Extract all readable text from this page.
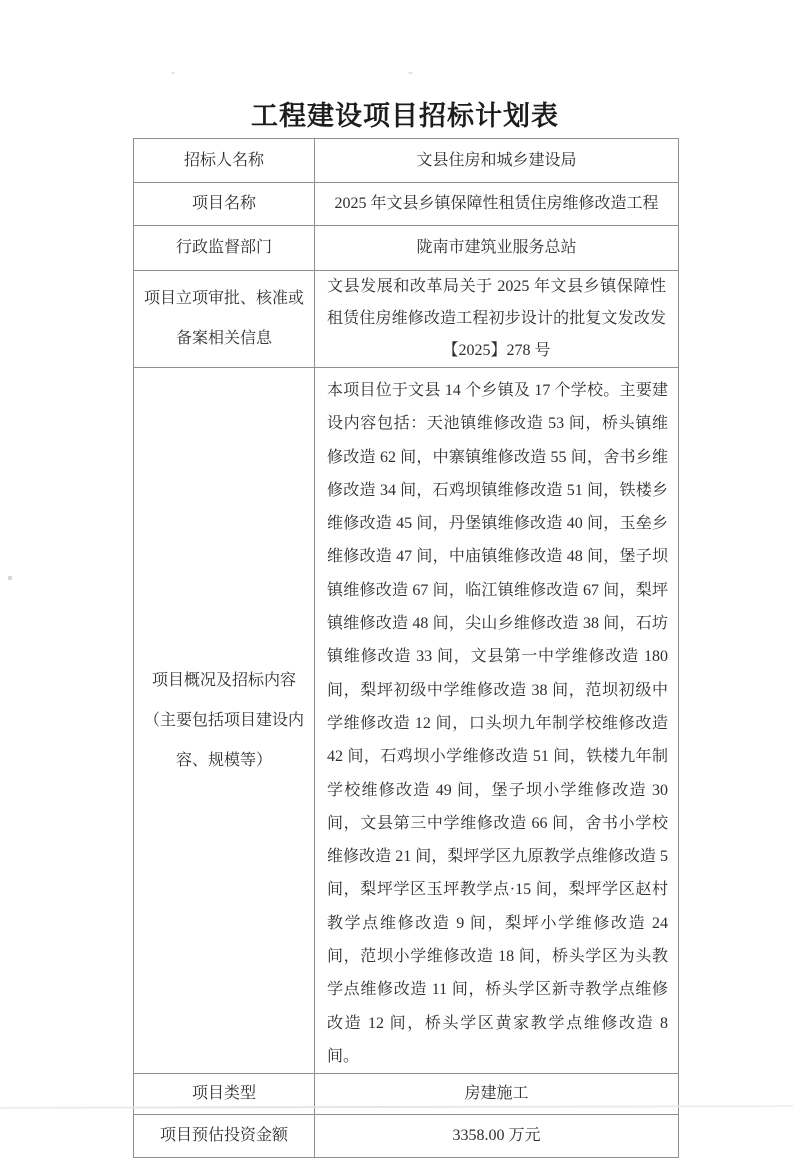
工程建设项目招标计划表
招标人名称	文县住房和城乡建设局
项目名称	2025 年文县乡镇保障性租赁住房维修改造工程
行政监督部门	陇南市建筑业服务总站
项目立项审批、核准或备案相关信息	文县发展和改革局关于 2025 年文县乡镇保障性租赁住房维修改造工程初步设计的批复文发改发【2025】278 号
项目概况及招标内容（主要包括项目建设内容、规模等）	本项目位于文县 14 个乡镇及 17 个学校。主要建设内容包括：天池镇维修改造 53 间，桥头镇维修改造 62 间，中寨镇维修改造 55 间，舍书乡维修改造 34 间，石鸡坝镇维修改造 51 间，铁楼乡维修改造 45 间，丹堡镇维修改造 40 间，玉垒乡维修改造 47 间，中庙镇维修改造 48 间，堡子坝镇维修改造 67 间，临江镇维修改造 67 间，梨坪镇维修改造 48 间，尖山乡维修改造 38 间，石坊镇维修改造 33 间，文县第一中学维修改造 180 间，梨坪初级中学维修改造 38 间，范坝初级中学维修改造 12 间，口头坝九年制学校维修改造 42 间，石鸡坝小学维修改造 51 间，铁楼九年制学校维修改造 49 间，堡子坝小学维修改造 30 间，文县第三中学维修改造 66 间，舍书小学校维修改造 21 间，梨坪学区九原教学点维修改造 5 间，梨坪学区玉坪教学点·15 间，梨坪学区赵村教学点维修改造 9 间，梨坪小学维修改造 24 间，范坝小学维修改造 18 间，桥头学区为头教学点维修改造 11 间，桥头学区新寺教学点维修改造 12 间，桥头学区黄家教学点维修改造 8 间。
项目类型	房建施工
项目预估投资金额	3358.00 万元
